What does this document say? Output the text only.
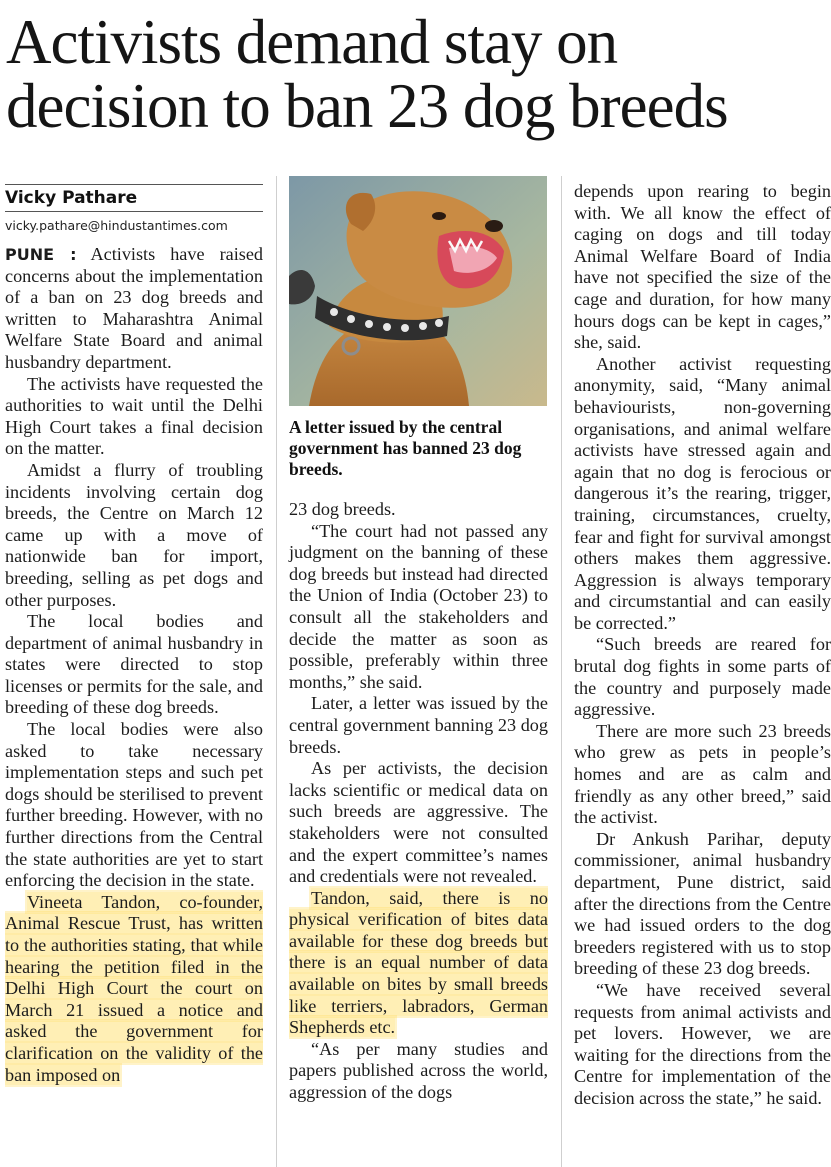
Activists demand stay on decision to ban 23 dog breeds
Vicky Pathare
vicky.pathare@hindustantimes.com

PUNE : Activists have raised concerns about the implementation of a ban on 23 dog breeds and written to Maharashtra Animal Welfare State Board and animal husbandry department.

The activists have requested the authorities to wait until the Delhi High Court takes a final decision on the matter.

Amidst a flurry of troubling incidents involving certain dog breeds, the Centre on March 12 came up with a move of nationwide ban for import, breeding, selling as pet dogs and other purposes.

The local bodies and department of animal husbandry in states were directed to stop licenses or permits for the sale, and breeding of these dog breeds.

The local bodies were also asked to take necessary implementation steps and such pet dogs should be sterilised to prevent further breeding. However, with no further directions from the Central the state authorities are yet to start enforcing the decision in the state.

Vineeta Tandon, co-founder, Animal Rescue Trust, has written to the authorities stating, that while hearing the petition filed in the Delhi High Court the court on March 21 issued a notice and asked the government for clarification on the validity of the ban imposed on

A letter issued by the central government has banned 23 dog breeds.

23 dog breeds.

“The court had not passed any judgment on the banning of these dog breeds but instead had directed the Union of India (October 23) to consult all the stakeholders and decide the matter as soon as possible, preferably within three months,” she said.

Later, a letter was issued by the central government banning 23 dog breeds.

As per activists, the decision lacks scientific or medical data on such breeds are aggressive. The stakeholders were not consulted and the expert committee’s names and credentials were not revealed.

Tandon, said, there is no physical verification of bites data available for these dog breeds but there is an equal number of data available on bites by small breeds like terriers, labradors, German Shepherds etc.

“As per many studies and papers published across the world, aggression of the dogs

depends upon rearing to begin with. We all know the effect of caging on dogs and till today Animal Welfare Board of India have not specified the size of the cage and duration, for how many hours dogs can be kept in cages,” she, said.

Another activist requesting anonymity, said, “Many animal behaviourists, non-governing organisations, and animal welfare activists have stressed again and again that no dog is ferocious or dangerous it’s the rearing, trigger, training, circumstances, cruelty, fear and fight for survival amongst others makes them aggressive. Aggression is always temporary and circumstantial and can easily be corrected.”

“Such breeds are reared for brutal dog fights in some parts of the country and purposely made aggressive.

There are more such 23 breeds who grew as pets in people’s homes and are as calm and friendly as any other breed,” said the activist.

Dr Ankush Parihar, deputy commissioner, animal husbandry department, Pune district, said after the directions from the Centre we had issued orders to the dog breeders registered with us to stop breeding of these 23 dog breeds.

“We have received several requests from animal activists and pet lovers. However, we are waiting for the directions from the Centre for implementation of the decision across the state,” he said.
